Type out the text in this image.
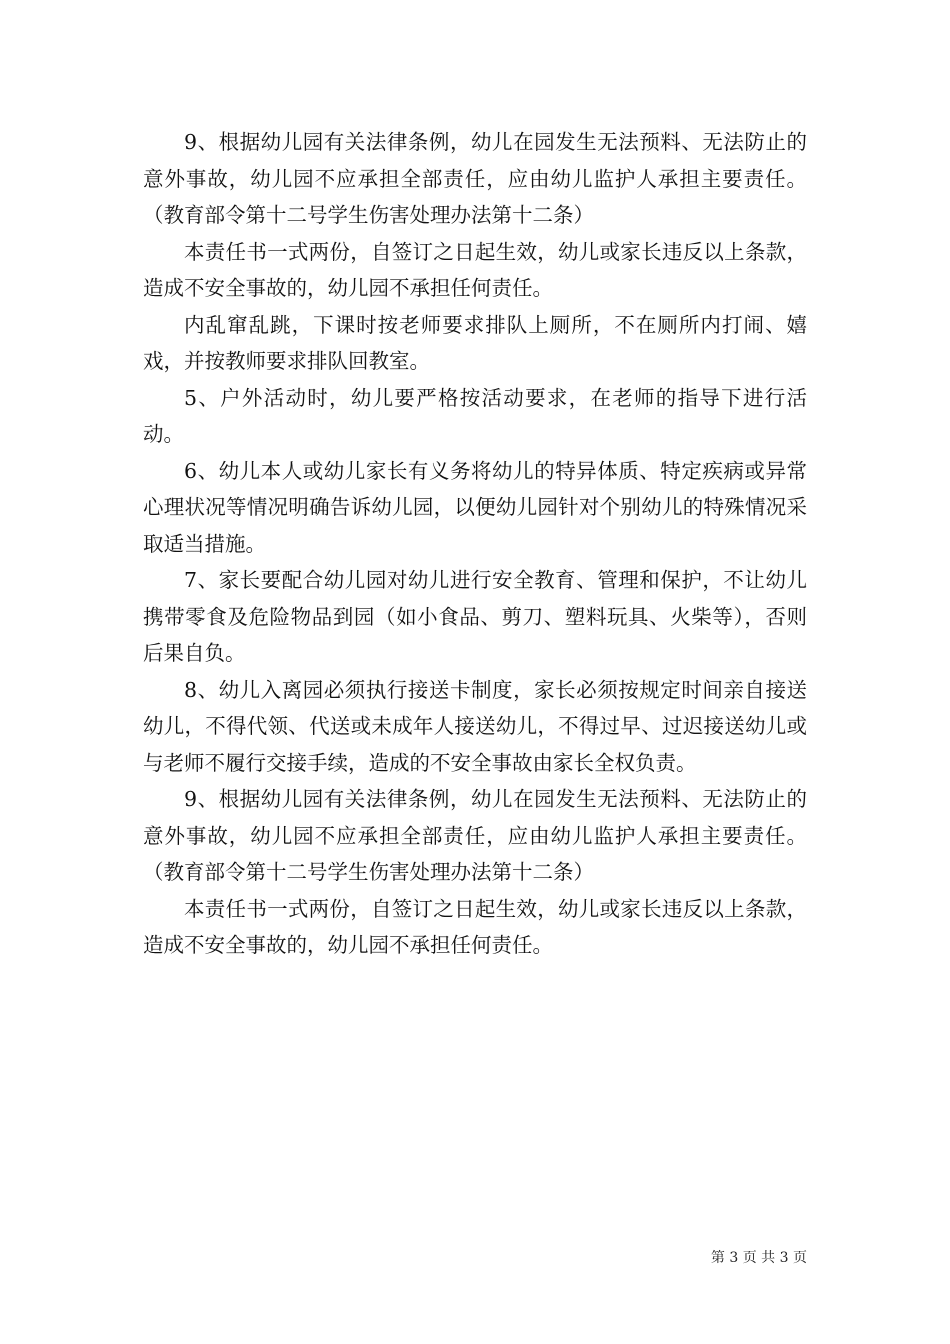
9、根据幼儿园有关法律条例，幼儿在园发生无法预料、无法防止的意外事故，幼儿园不应承担全部责任，应由幼儿监护人承担主要责任。（教育部令第十二号学生伤害处理办法第十二条）

本责任书一式两份，自签订之日起生效，幼儿或家长违反以上条款，造成不安全事故的，幼儿园不承担任何责任。

内乱窜乱跳，下课时按老师要求排队上厕所，不在厕所内打闹、嬉戏，并按教师要求排队回教室。

5、户外活动时，幼儿要严格按活动要求，在老师的指导下进行活动。

6、幼儿本人或幼儿家长有义务将幼儿的特异体质、特定疾病或异常心理状况等情况明确告诉幼儿园，以便幼儿园针对个别幼儿的特殊情况采取适当措施。

7、家长要配合幼儿园对幼儿进行安全教育、管理和保护，不让幼儿携带零食及危险物品到园（如小食品、剪刀、塑料玩具、火柴等），否则后果自负。

8、幼儿入离园必须执行接送卡制度，家长必须按规定时间亲自接送幼儿，不得代领、代送或未成年人接送幼儿，不得过早、过迟接送幼儿或与老师不履行交接手续，造成的不安全事故由家长全权负责。

9、根据幼儿园有关法律条例，幼儿在园发生无法预料、无法防止的意外事故，幼儿园不应承担全部责任，应由幼儿监护人承担主要责任。（教育部令第十二号学生伤害处理办法第十二条）

本责任书一式两份，自签订之日起生效，幼儿或家长违反以上条款，造成不安全事故的，幼儿园不承担任何责任。

第 3 页 共 3 页
